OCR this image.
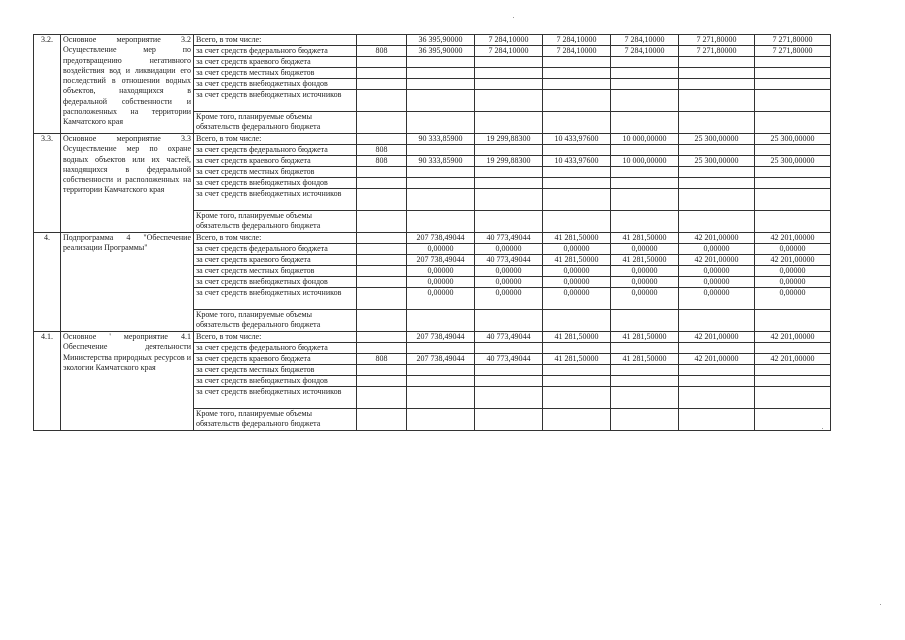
3.2.	Основное мероприятие 3.2 Осуществление мер по предотвращению негативного воздействия вод и ликвидации его последствий в отношении водных объектов, находящихся в федеральной собственности и расположенных на территории Камчатского края	Всего, в том числе:		36 395,90000	7 284,10000	7 284,10000	7 284,10000	7 271,80000	7 271,80000
		за счет средств федерального бюджета	808	36 395,90000	7 284,10000	7 284,10000	7 284,10000	7 271,80000	7 271,80000
		за счет средств краевого бюджета							
		за счет средств местных бюджетов							
		за счет средств внебюджетных фондов							
		за счет средств внебюджетных источников							
		Кроме того, планируемые объемы обязательств федерального бюджета							
3.3.	Основное мероприятие 3.3 Осуществление мер по охране водных объектов или их частей, находящихся в федеральной собственности и расположенных на территории Камчатского края	Всего, в том числе:		90 333,85900	19 299,88300	10 433,97600	10 000,00000	25 300,00000	25 300,00000
		за счет средств федерального бюджета	808						
		за счет средств краевого бюджета	808	90 333,85900	19 299,88300	10 433,97600	10 000,00000	25 300,00000	25 300,00000
		за счет средств местных бюджетов							
		за счет средств внебюджетных фондов							
		за счет средств внебюджетных источников							
		Кроме того, планируемые объемы обязательств федерального бюджета							
4.	Подпрограмма 4 "Обеспечение реализации Программы"	Всего, в том числе:		207 738,49044	40 773,49044	41 281,50000	41 281,50000	42 201,00000	42 201,00000
		за счет средств федерального бюджета		0,00000	0,00000	0,00000	0,00000	0,00000	0,00000
		за счет средств краевого бюджета		207 738,49044	40 773,49044	41 281,50000	41 281,50000	42 201,00000	42 201,00000
		за счет средств местных бюджетов		0,00000	0,00000	0,00000	0,00000	0,00000	0,00000
		за счет средств внебюджетных фондов		0,00000	0,00000	0,00000	0,00000	0,00000	0,00000
		за счет средств внебюджетных источников		0,00000	0,00000	0,00000	0,00000	0,00000	0,00000
		Кроме того, планируемые объемы обязательств федерального бюджета							
4.1.	Основное ' мероприятие 4.1 Обеспечение деятельности Министерства природных ресурсов и экологии Камчатского края	Всего, в том числе:		207 738,49044	40 773,49044	41 281,50000	41 281,50000	42 201,00000	42 201,00000
		за счет средств федерального бюджета							
		за счет средств краевого бюджета	808	207 738,49044	40 773,49044	41 281,50000	41 281,50000	42 201,00000	42 201,00000
		за счет средств местных бюджетов							
		за счет средств внебюджетных фондов							
		за счет средств внебюджетных источников							
		Кроме того, планируемые объемы обязательств федерального бюджета							
